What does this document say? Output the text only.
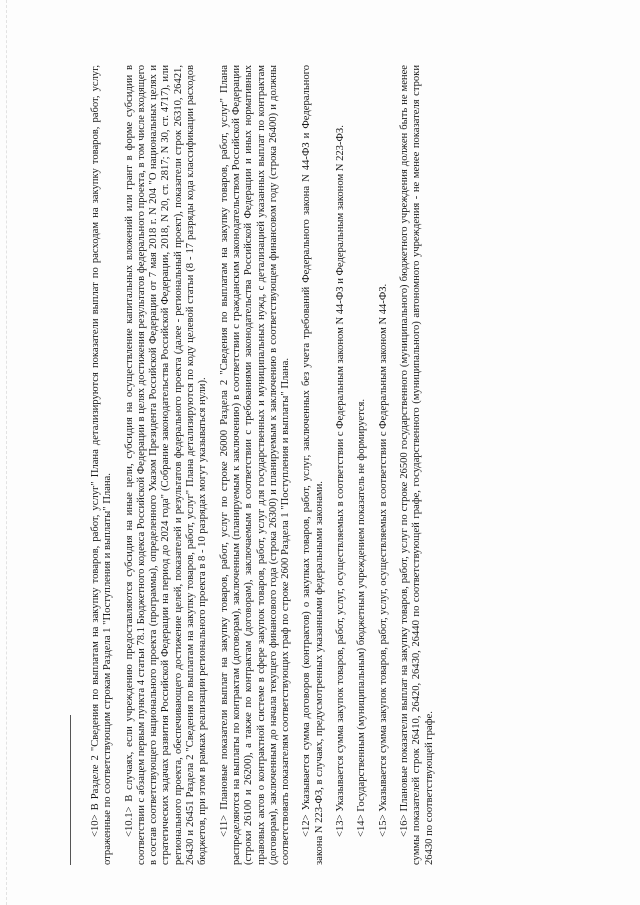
<10> В Разделе 2 "Сведения по выплатам на закупку товаров, работ, услуг" Плана детализируются показатели выплат по расходам на закупку товаров, работ, услуг, отраженные по соответствующим строкам Раздела 1 "Поступления и выплаты" Плана. <10.1> В случаях, если учреждению предоставляются субсидия на иные цели, субсидия на осуществление капитальных вложений или грант в форме субсидии в соответствии с абзацем первым пункта 4 статьи 78.1 Бюджетного кодекса Российской Федерации в целях достижения результатов федерального проекта, в том числе входящего в состав соответствующего национального проекта (программы), определенного Указом Президента Российской Федерации от 7 мая 2018 г. N 204 "О национальных целях и стратегических задачах развития Российской Федерации на период до 2024 года" (Собрание законодательства Российской Федерации, 2018, N 20, ст. 2817; N 30, ст. 4717), или регионального проекта, обеспечивающего достижение целей, показателей и результатов федерального проекта (далее - региональный проект), показатели строк 26310, 26421, 26430 и 26451 Раздела 2 "Сведения по выплатам на закупку товаров, работ, услуг" Плана детализируются по коду целевой статьи (8 - 17 разряды кода классификации расходов бюджетов, при этом в рамках реализации регионального проекта в 8 - 10 разрядах могут указываться нули). <11> Плановые показатели выплат на закупку товаров, работ, услуг по строке 26000 Раздела 2 "Сведения по выплатам на закупку товаров, работ, услуг" Плана распределяются на выплаты по контрактам (договорам), заключенным (планируемым к заключению) в соответствии с гражданским законодательством Российской Федерации (строки 26100 и 26200), а также по контрактам (договорам), заключаемым в соответствии с требованиями законодательства Российской Федерации и иных нормативных правовых актов о контрактной системе в сфере закупок товаров, работ, услуг для государственных и муниципальных нужд, с детализацией указанных выплат по контрактам (договорам), заключенным до начала текущего финансового года (строка 26300) и планируемым к заключению в соответствующем финансовом году (строка 26400) и должны соответствовать показателям соответствующих граф по строке 2600 Раздела 1 "Поступления и выплаты" Плана. <12> Указывается сумма договоров (контрактов) о закупках товаров, работ, услуг, заключенных без учета требований Федерального закона N 44-ФЗ и Федерального закона N 223-ФЗ, в случаях, предусмотренных указанными федеральными законами. <13> Указывается сумма закупок товаров, работ, услуг, осуществляемых в соответствии с Федеральным законом N 44-ФЗ и Федеральным законом N 223-ФЗ. <14> Государственным (муниципальным) бюджетным учреждением показатель не формируется. <15> Указывается сумма закупок товаров, работ, услуг, осуществляемых в соответствии с Федеральным законом N 44-ФЗ. <16> Плановые показатели выплат на закупку товаров, работ, услуг по строке 26500 государственного (муниципального) бюджетного учреждения должен быть не менее суммы показателей строк 26410, 26420, 26430, 26440 по соответствующей графе, государственного (муниципального) автономного учреждения - не менее показателя строки 26430 по соответствующей графе.
